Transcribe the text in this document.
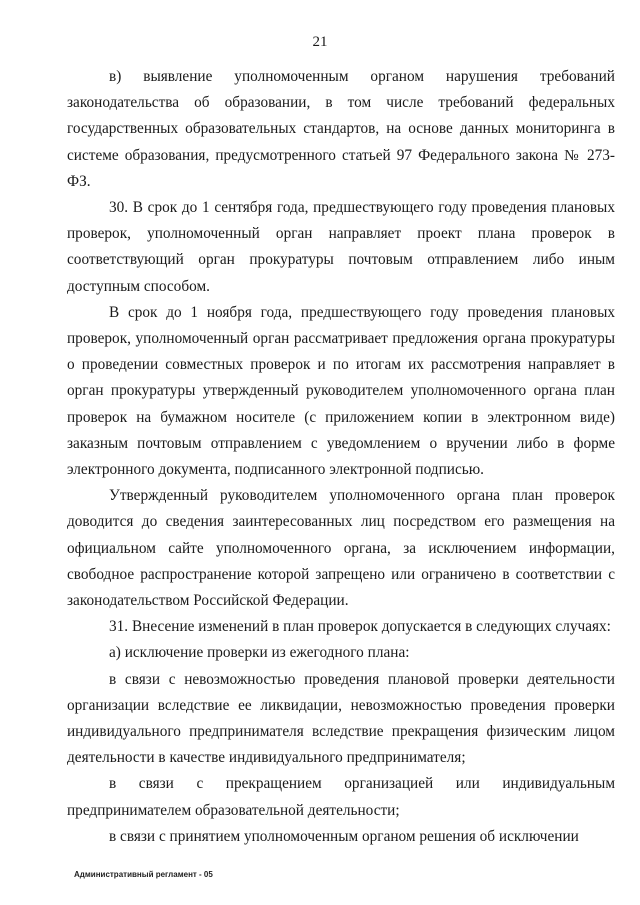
21

в) выявление уполномоченным органом нарушения требований законодательства об образовании, в том числе требований федеральных государственных образовательных стандартов, на основе данных мониторинга в системе образования, предусмотренного статьей 97 Федерального закона № 273-ФЗ.

30. В срок до 1 сентября года, предшествующего году проведения плановых проверок, уполномоченный орган направляет проект плана проверок в соответствующий орган прокуратуры почтовым отправлением либо иным доступным способом.

В срок до 1 ноября года, предшествующего году проведения плановых проверок, уполномоченный орган рассматривает предложения органа прокуратуры о проведении совместных проверок и по итогам их рассмотрения направляет в орган прокуратуры утвержденный руководителем уполномоченного органа план проверок на бумажном носителе (с приложением копии в электронном виде) заказным почтовым отправлением с уведомлением о вручении либо в форме электронного документа, подписанного электронной подписью.

Утвержденный руководителем уполномоченного органа план проверок доводится до сведения заинтересованных лиц посредством его размещения на официальном сайте уполномоченного органа, за исключением информации, свободное распространение которой запрещено или ограничено в соответствии с законодательством Российской Федерации.

31. Внесение изменений в план проверок допускается в следующих случаях:

а) исключение проверки из ежегодного плана:

в связи с невозможностью проведения плановой проверки деятельности организации вследствие ее ликвидации, невозможностью проведения проверки индивидуального предпринимателя вследствие прекращения физическим лицом деятельности в качестве индивидуального предпринимателя;

в связи с прекращением организацией или индивидуальным предпринимателем образовательной деятельности;

в связи с принятием уполномоченным органом решения об исключении

Административный регламент - 05
